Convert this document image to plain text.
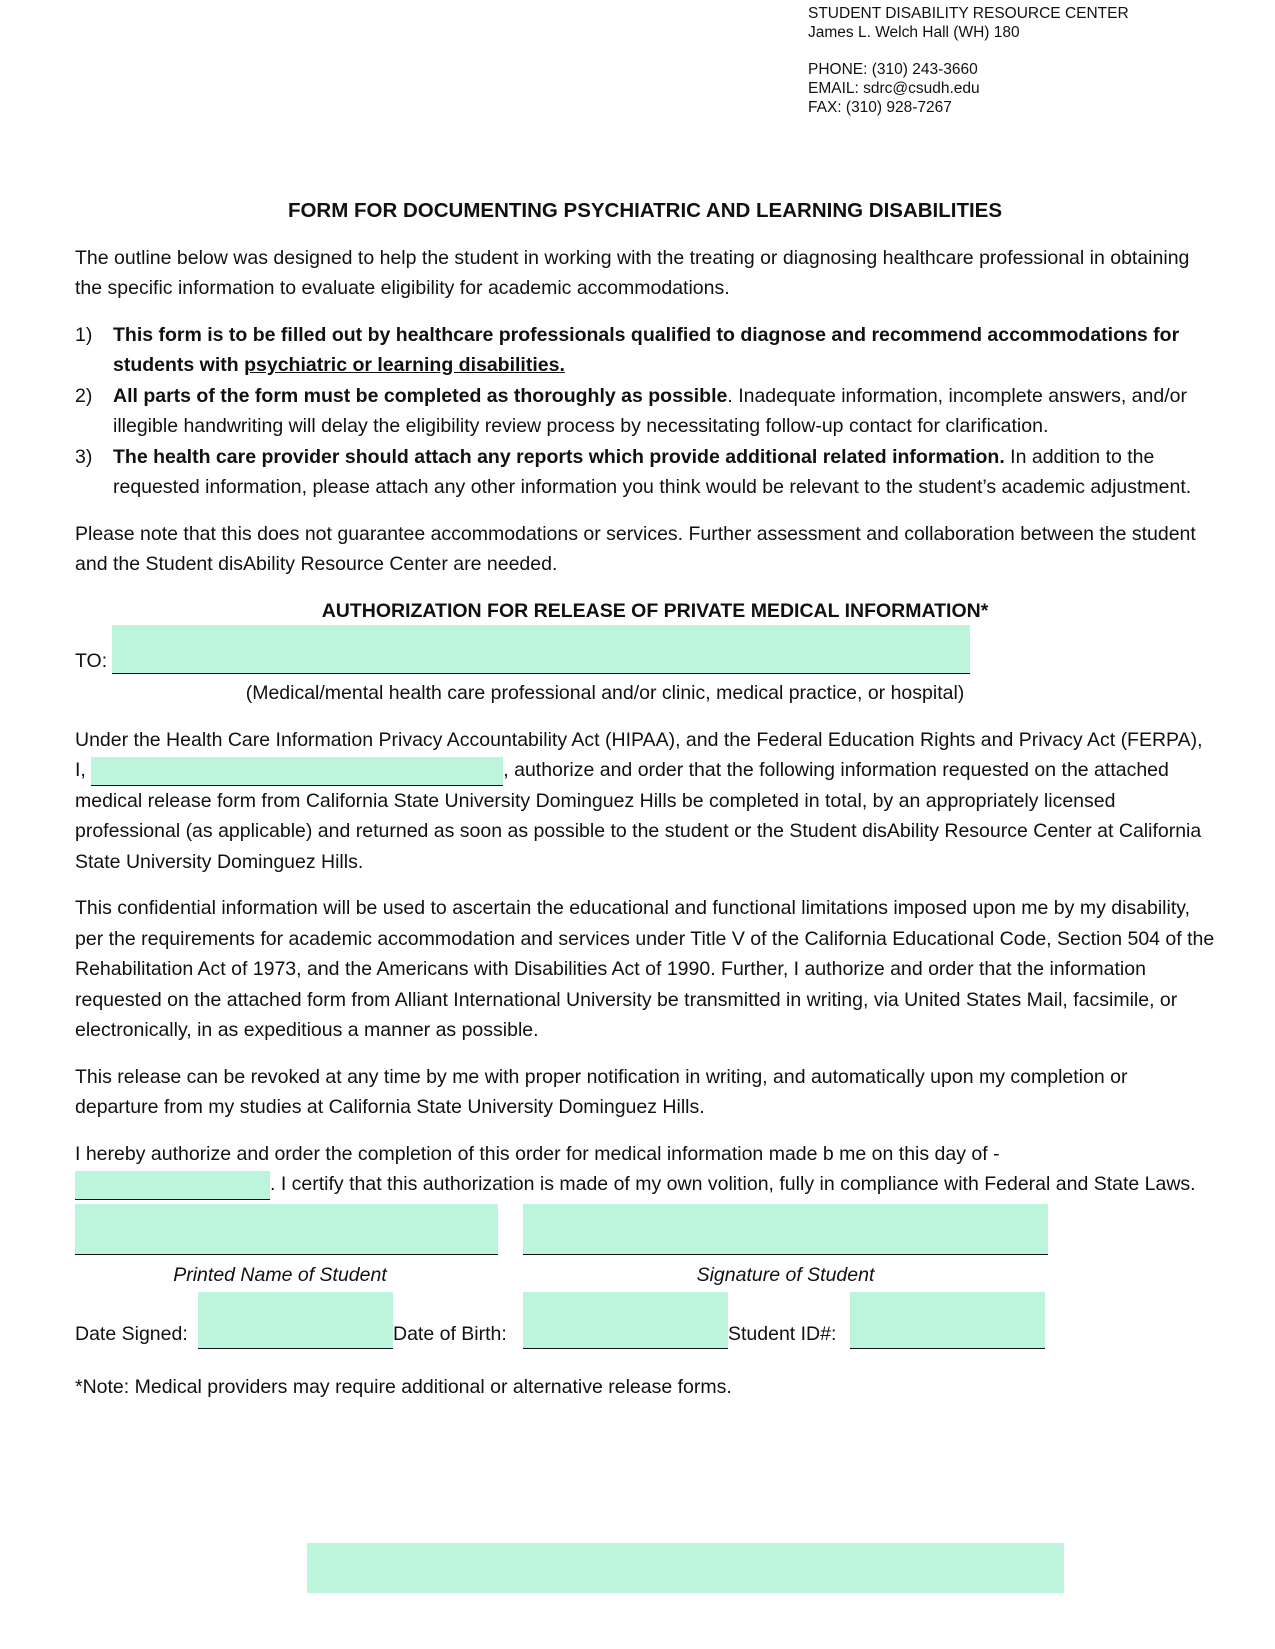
STUDENT DISABILITY RESOURCE CENTER
James L. Welch Hall (WH) 180
PHONE: (310) 243-3660
EMAIL: sdrc@csudh.edu
FAX: (310) 928-7267
FORM FOR DOCUMENTING PSYCHIATRIC AND LEARNING DISABILITIES

The outline below was designed to help the student in working with the treating or diagnosing healthcare professional in obtaining the specific information to evaluate eligibility for academic accommodations.

1) This form is to be filled out by healthcare professionals qualified to diagnose and recommend accommodations for students with psychiatric or learning disabilities.
2) All parts of the form must be completed as thoroughly as possible. Inadequate information, incomplete answers, and/or illegible handwriting will delay the eligibility review process by necessitating follow-up contact for clarification.
3) The health care provider should attach any reports which provide additional related information. In addition to the requested information, please attach any other information you think would be relevant to the student’s academic adjustment.

Please note that this does not guarantee accommodations or services. Further assessment and collaboration between the student and the Student disAbility Resource Center are needed.

AUTHORIZATION FOR RELEASE OF PRIVATE MEDICAL INFORMATION*
TO:
(Medical/mental health care professional and/or clinic, medical practice, or hospital)

Under the Health Care Information Privacy Accountability Act (HIPAA), and the Federal Education Rights and Privacy Act (FERPA), I,	, authorize and order that the following information requested on the attached medical release form from California State University Dominguez Hills be completed in total, by an appropriately licensed professional (as applicable) and returned as soon as possible to the student or the Student disAbility Resource Center at California State University Dominguez Hills.

This confidential information will be used to ascertain the educational and functional limitations imposed upon me by my disability, per the requirements for academic accommodation and services under Title V of the California Educational Code, Section 504 of the Rehabilitation Act of 1973, and the Americans with Disabilities Act of 1990. Further, I authorize and order that the information requested on the attached form from Alliant International University be transmitted in writing, via United States Mail, facsimile, or electronically, in as expeditious a manner as possible.

This release can be revoked at any time by me with proper notification in writing, and automatically upon my completion or departure from my studies at California State University Dominguez Hills.

I hereby authorize and order the completion of this order for medical information made b me on this day of -
. I certify that this authorization is made of my own volition, fully in compliance with Federal and State Laws.

Printed Name of Student	Signature of Student
Date Signed:	Date of Birth:	Student ID#:

*Note: Medical providers may require additional or alternative release forms.
